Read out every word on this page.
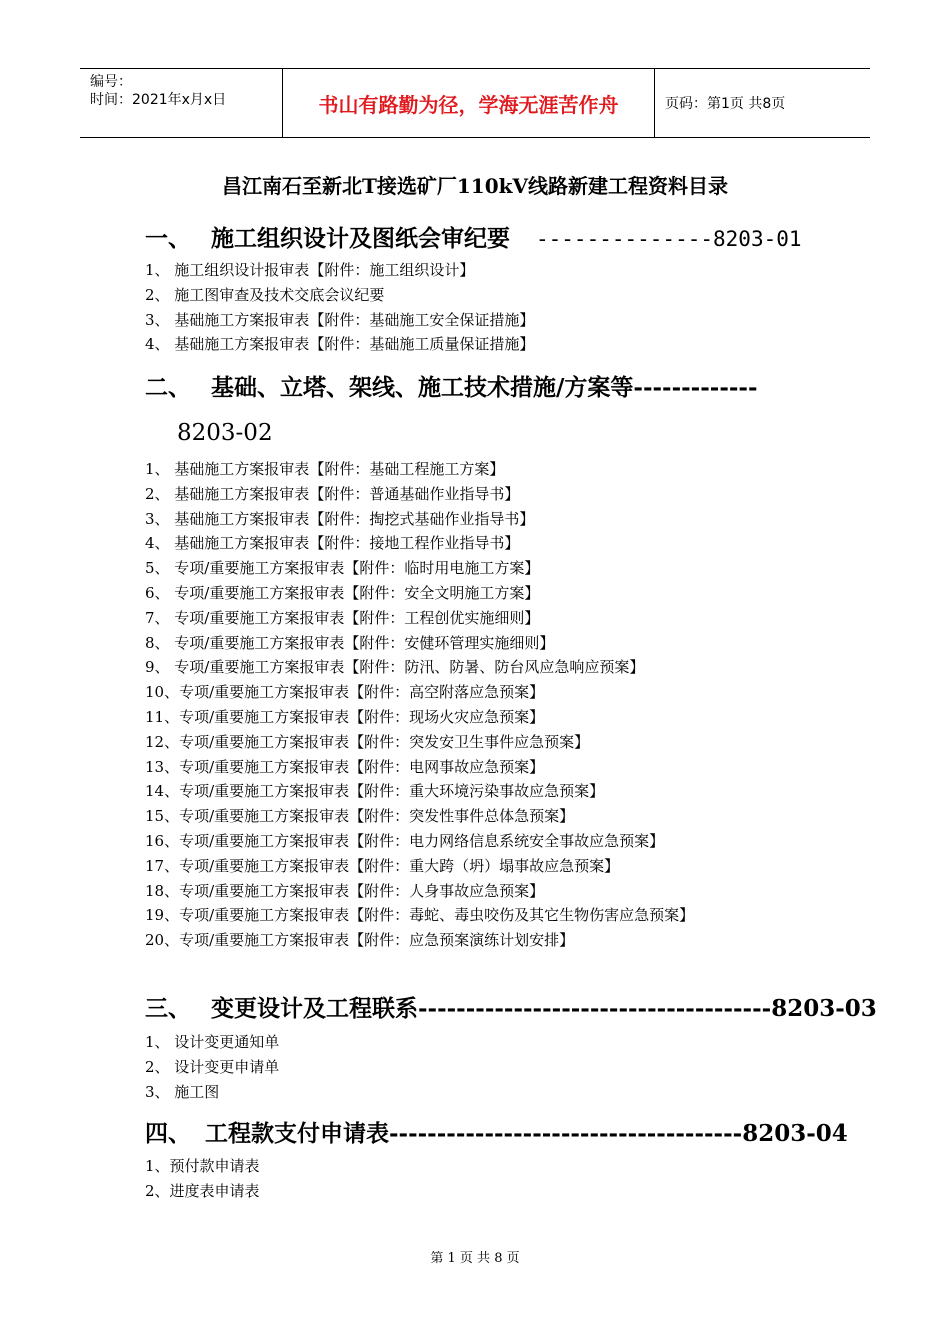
编号：
时间：2021年x月x日	书山有路勤为径，学海无涯苦作舟	页码：第1页 共8页
昌江南石至新北T接选矿厂110kV线路新建工程资料目录
一、 施工组织设计及图纸会审纪要 --------------8203-01
1、 施工组织设计报审表【附件：施工组织设计】
2、 施工图审查及技术交底会议纪要
3、 基础施工方案报审表【附件：基础施工安全保证措施】
4、 基础施工方案报审表【附件：基础施工质量保证措施】
二、 基础、立塔、架线、施工技术措施/方案等-------------
8203-02
1、 基础施工方案报审表【附件：基础工程施工方案】
2、 基础施工方案报审表【附件：普通基础作业指导书】
3、 基础施工方案报审表【附件：掏挖式基础作业指导书】
4、 基础施工方案报审表【附件：接地工程作业指导书】
5、 专项/重要施工方案报审表【附件：临时用电施工方案】
6、 专项/重要施工方案报审表【附件：安全文明施工方案】
7、 专项/重要施工方案报审表【附件：工程创优实施细则】
8、 专项/重要施工方案报审表【附件：安健环管理实施细则】
9、 专项/重要施工方案报审表【附件：防汛、防暑、防台风应急响应预案】
10、专项/重要施工方案报审表【附件：高空附落应急预案】
11、专项/重要施工方案报审表【附件：现场火灾应急预案】
12、专项/重要施工方案报审表【附件：突发安卫生事件应急预案】
13、专项/重要施工方案报审表【附件：电网事故应急预案】
14、专项/重要施工方案报审表【附件：重大环境污染事故应急预案】
15、专项/重要施工方案报审表【附件：突发性事件总体急预案】
16、专项/重要施工方案报审表【附件：电力网络信息系统安全事故应急预案】
17、专项/重要施工方案报审表【附件：重大跨（坍）塌事故应急预案】
18、专项/重要施工方案报审表【附件：人身事故应急预案】
19、专项/重要施工方案报审表【附件：毒蛇、毒虫咬伤及其它生物伤害应急预案】
20、专项/重要施工方案报审表【附件：应急预案演练计划安排】
三、 变更设计及工程联系-------------------------------------8203-03
1、 设计变更通知单
2、 设计变更申请单
3、 施工图
四、 工程款支付申请表-------------------------------------8203-04
1、预付款申请表
2、进度表申请表
第 1 页 共 8 页
